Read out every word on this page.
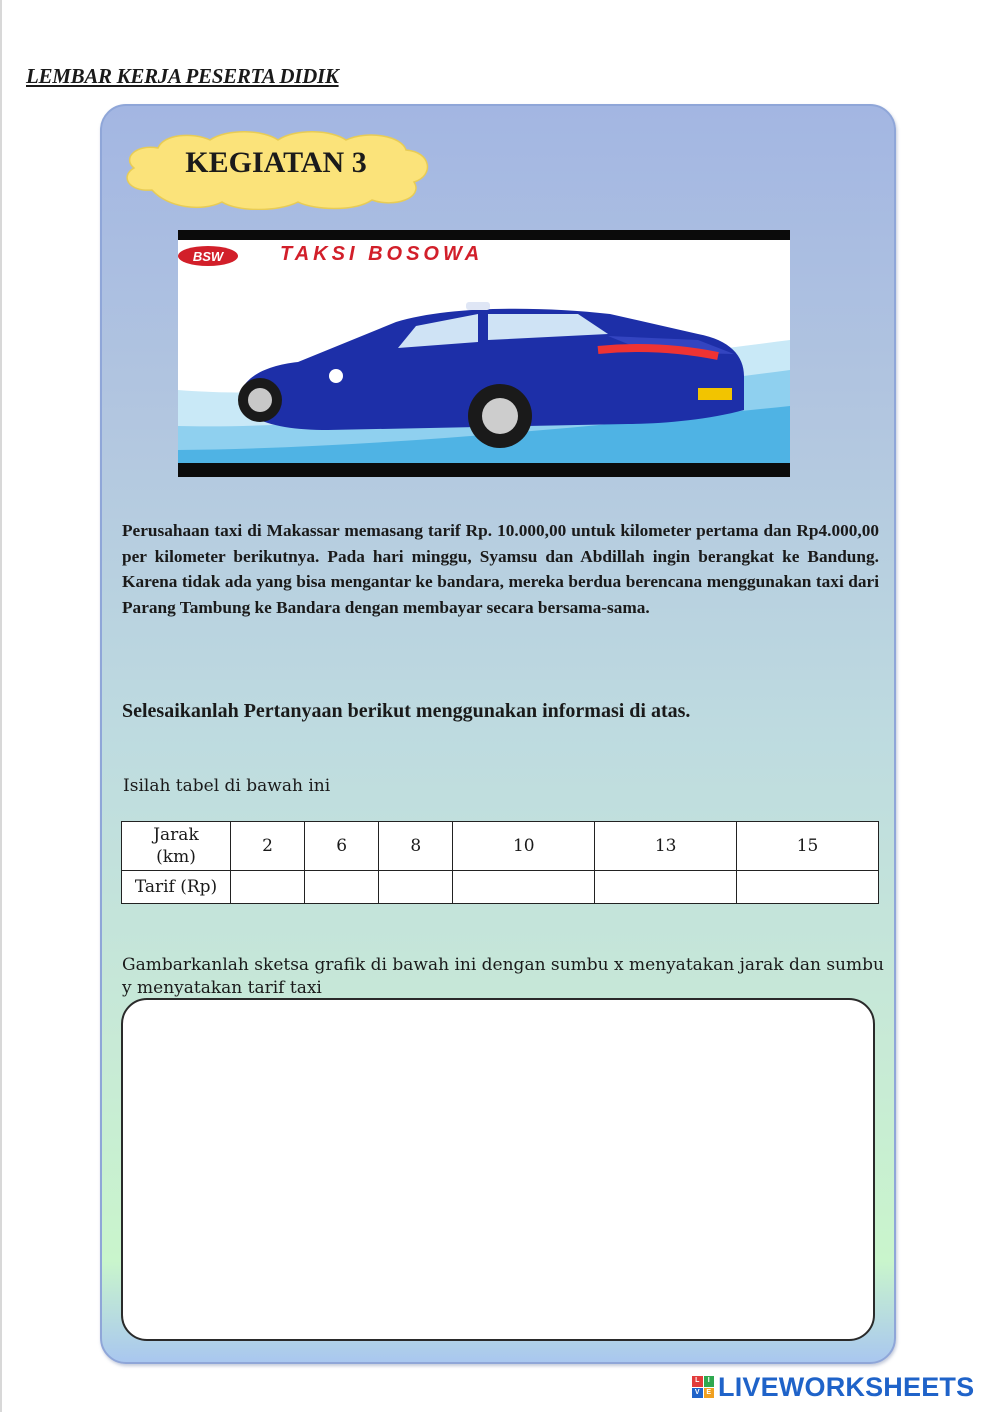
LEMBAR KERJA PESERTA DIDIK
KEGIATAN 3
BSW	TAKSI BOSOWA

Perusahaan taxi di Makassar memasang tarif Rp. 10.000,00 untuk kilometer pertama dan Rp4.000,00 per kilometer berikutnya. Pada hari minggu, Syamsu dan Abdillah ingin berangkat ke Bandung. Karena tidak ada yang bisa mengantar ke bandara, mereka berdua berencana menggunakan taxi dari Parang Tambung ke Bandara dengan membayar secara bersama-sama.

Selesaikanlah Pertanyaan berikut menggunakan informasi di atas.
Isilah tabel di bawah ini
Jarak
(km)	2	6	8	10	13	15
Tarif (Rp)						

Gambarkanlah sketsa grafik di bawah ini dengan sumbu x menyatakan jarak dan sumbu y menyatakan tarif taxi

L	I
V E LIVEWORKSHEETS
